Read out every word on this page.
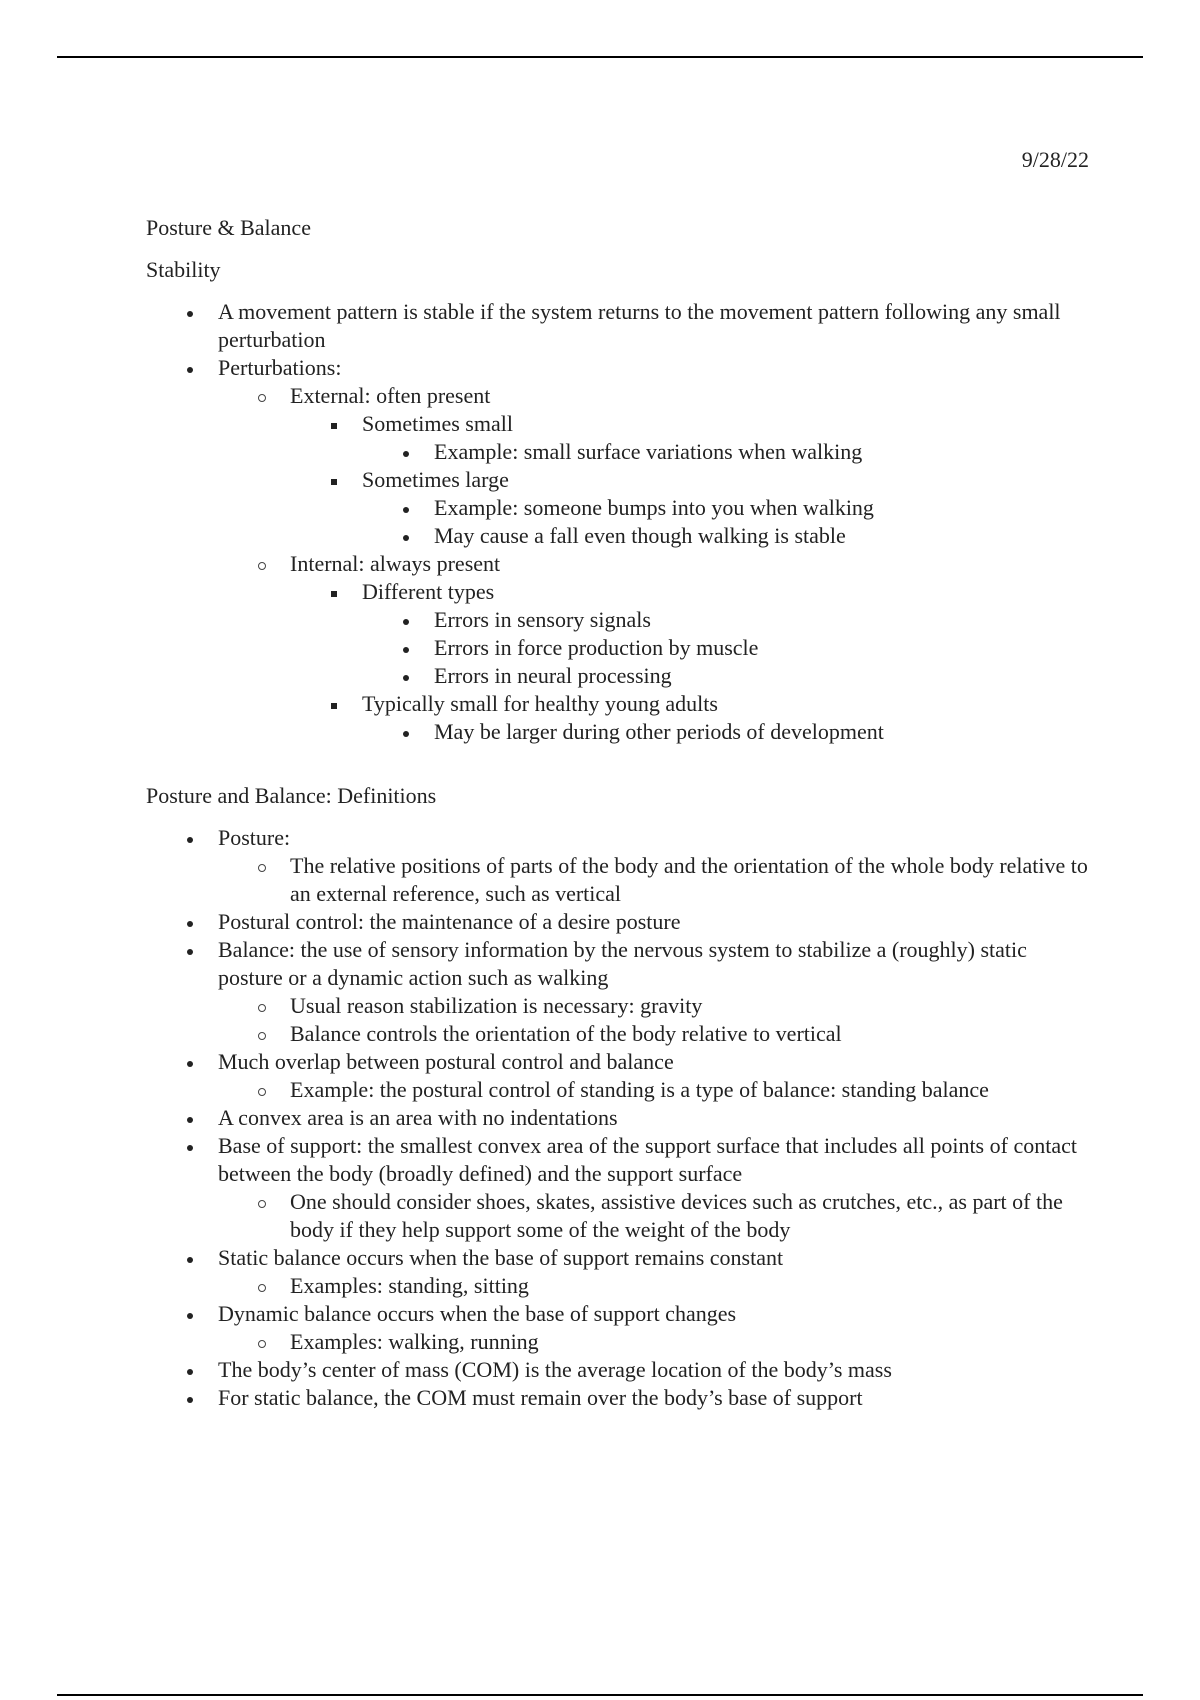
9/28/22
Posture & Balance
Stability
A movement pattern is stable if the system returns to the movement pattern following any small perturbation
Perturbations:
External: often present
Sometimes small
Example: small surface variations when walking
Sometimes large
Example: someone bumps into you when walking
May cause a fall even though walking is stable
Internal: always present
Different types
Errors in sensory signals
Errors in force production by muscle
Errors in neural processing
Typically small for healthy young adults
May be larger during other periods of development
Posture and Balance: Definitions
Posture:
The relative positions of parts of the body and the orientation of the whole body relative to an external reference, such as vertical
Postural control: the maintenance of a desire posture
Balance: the use of sensory information by the nervous system to stabilize a (roughly) static posture or a dynamic action such as walking
Usual reason stabilization is necessary: gravity
Balance controls the orientation of the body relative to vertical
Much overlap between postural control and balance
Example: the postural control of standing is a type of balance: standing balance
A convex area is an area with no indentations
Base of support: the smallest convex area of the support surface that includes all points of contact between the body (broadly defined) and the support surface
One should consider shoes, skates, assistive devices such as crutches, etc., as part of the body if they help support some of the weight of the body
Static balance occurs when the base of support remains constant
Examples: standing, sitting
Dynamic balance occurs when the base of support changes
Examples: walking, running
The body’s center of mass (COM) is the average location of the body’s mass
For static balance, the COM must remain over the body’s base of support
